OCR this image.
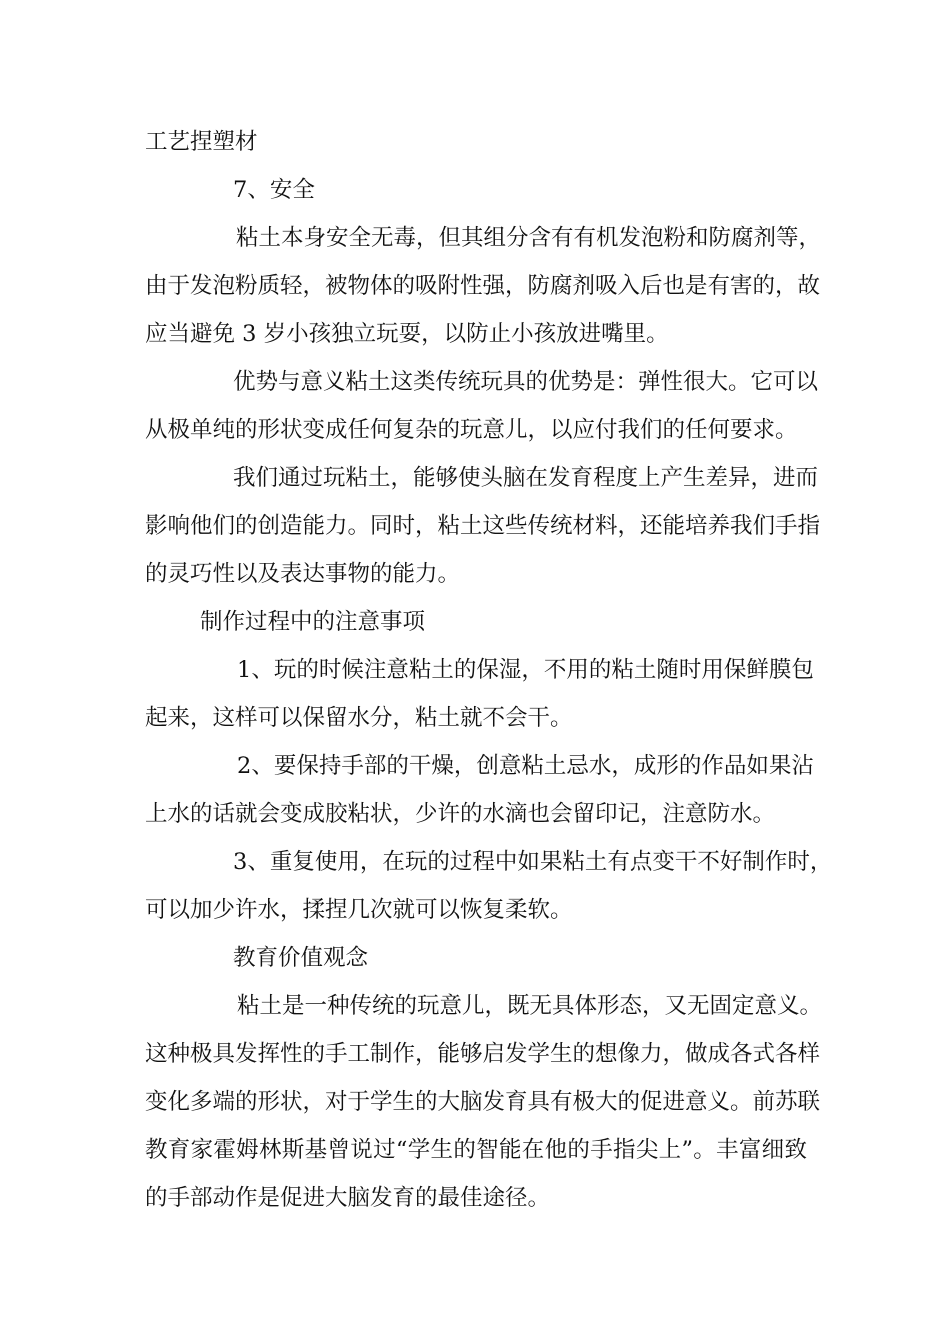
工艺捏塑材

7、安全

粘土本身安全无毒，但其组分含有有机发泡粉和防腐剂等，

由于发泡粉质轻，被物体的吸附性强，防腐剂吸入后也是有害的，故

应当避免 3 岁小孩独立玩耍，以防止小孩放进嘴里。

优势与意义粘土这类传统玩具的优势是：弹性很大。它可以

从极单纯的形状变成任何复杂的玩意儿，以应付我们的任何要求。

我们通过玩粘土，能够使头脑在发育程度上产生差异，进而

影响他们的创造能力。同时，粘土这些传统材料，还能培养我们手指

的灵巧性以及表达事物的能力。

制作过程中的注意事项

1、玩的时候注意粘土的保湿，不用的粘土随时用保鲜膜包

起来，这样可以保留水分，粘土就不会干。

2、要保持手部的干燥，创意粘土忌水，成形的作品如果沾

上水的话就会变成胶粘状，少许的水滴也会留印记，注意防水。

3、重复使用，在玩的过程中如果粘土有点变干不好制作时，

可以加少许水，揉捏几次就可以恢复柔软。

教育价值观念

粘土是一种传统的玩意儿，既无具体形态，又无固定意义。

这种极具发挥性的手工制作，能够启发学生的想像力，做成各式各样

变化多端的形状，对于学生的大脑发育具有极大的促进意义。前苏联

教育家霍姆林斯基曾说过“学生的智能在他的手指尖上”。丰富细致

的手部动作是促进大脑发育的最佳途径。
